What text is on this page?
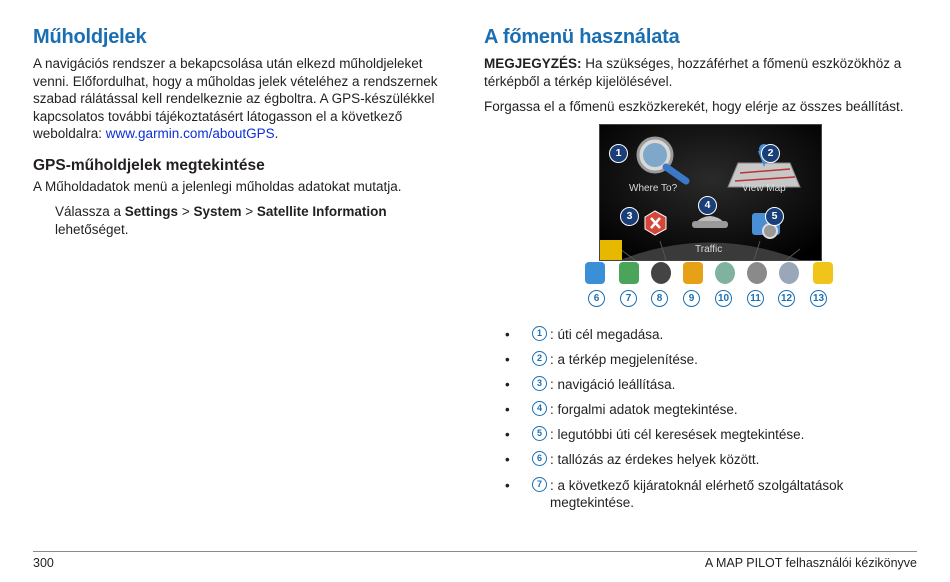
Műholdjelek

A navigációs rendszer a bekapcsolása után elkezd műholdjeleket venni. Előfordulhat, hogy a műholdas jelek vételéhez a rendszernek szabad rálátással kell rendelkeznie az égboltra. A GPS-készülékkel kapcsolatos további tájékoztatásért látogasson el a következő weboldalra: www.garmin.com/aboutGPS.

GPS-műholdjelek megtekintése

A Műholdadatok menü a jelenlegi műholdas adatokat mutatja.

Válassza a Settings > System > Satellite Information
lehetőséget.

A főmenü használata

MEGJEGYZÉS: Ha szükséges, hozzáférhet a főmenü eszközökhöz a térképből a térkép kijelölésével.

Forgassa el a főmenü eszközkerekét, hogy elérje az összes beállítást.

Where To?	View Map
Traffic
1	2
3
4
5
6	7	8	9	10	11	12 13
•	1 : úti cél megadása.
•	2 : a térkép megjelenítése.
•	3 : navigáció leállítása.
•	4 : forgalmi adatok megtekintése.
•	5 : legutóbbi úti cél keresések megtekintése.
•	6 : tallózás az érdekes helyek között.
•	7 : a következő kijáratoknál elérhető szolgáltatások megtekintése.
300	A MAP PILOT felhasználói kézikönyve
